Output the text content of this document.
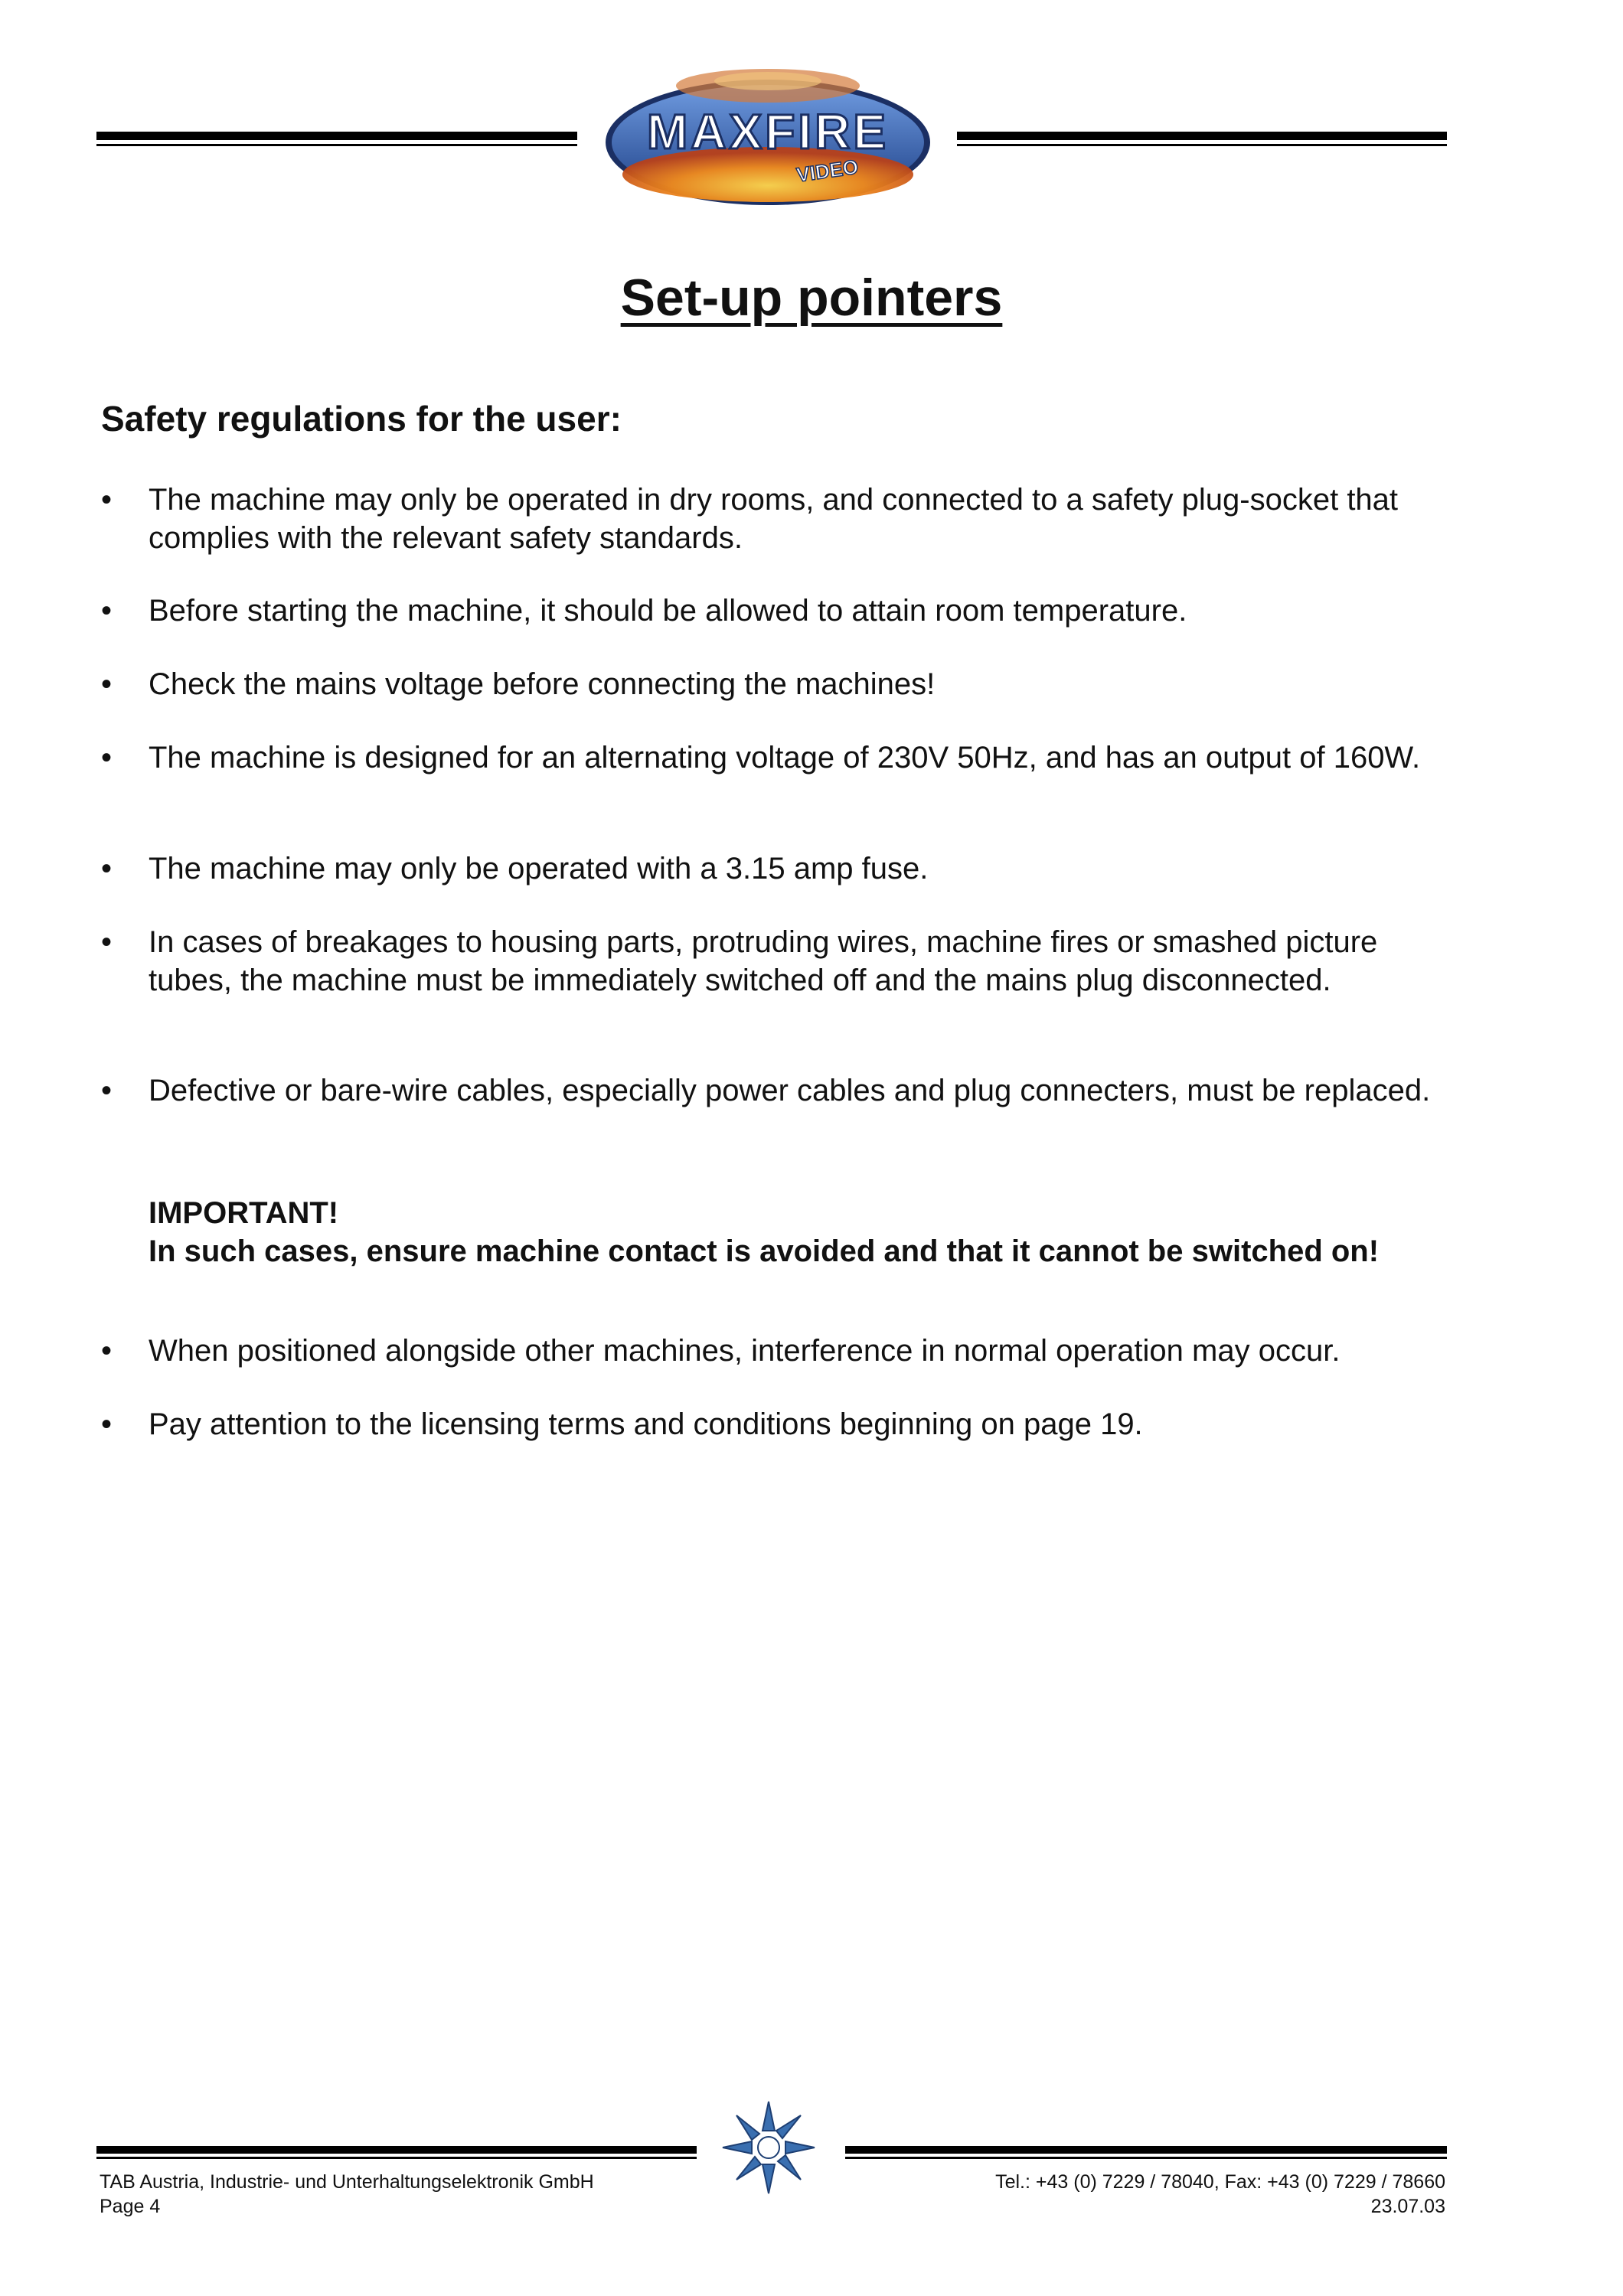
MAXFIRE
VIDEO
Set-up pointers
Safety regulations for the user:
• The machine may only be operated in dry rooms, and connected to a safety plug-socket that complies with the relevant safety standards.
• Before starting the machine, it should be allowed to attain room temperature.
• Check the mains voltage before connecting the machines!
• The machine is designed for an alternating voltage of 230V 50Hz, and has an output of 160W.
• The machine may only be operated with a 3.15 amp fuse.
• In cases of breakages to housing parts, protruding wires, machine fires or smashed picture tubes, the machine must be immediately switched off and the mains plug disconnected.
• Defective or bare-wire cables, especially power cables and plug connecters, must be replaced.
IMPORTANT!
In such cases, ensure machine contact is avoided and that it cannot be switched on!
• When positioned alongside other machines, interference in normal operation may occur.
• Pay attention to the licensing terms and conditions beginning on page 19.
TAB Austria, Industrie- und Unterhaltungselektronik GmbH
Page 4
Tel.: +43 (0) 7229 / 78040, Fax: +43 (0) 7229 / 78660
23.07.03
